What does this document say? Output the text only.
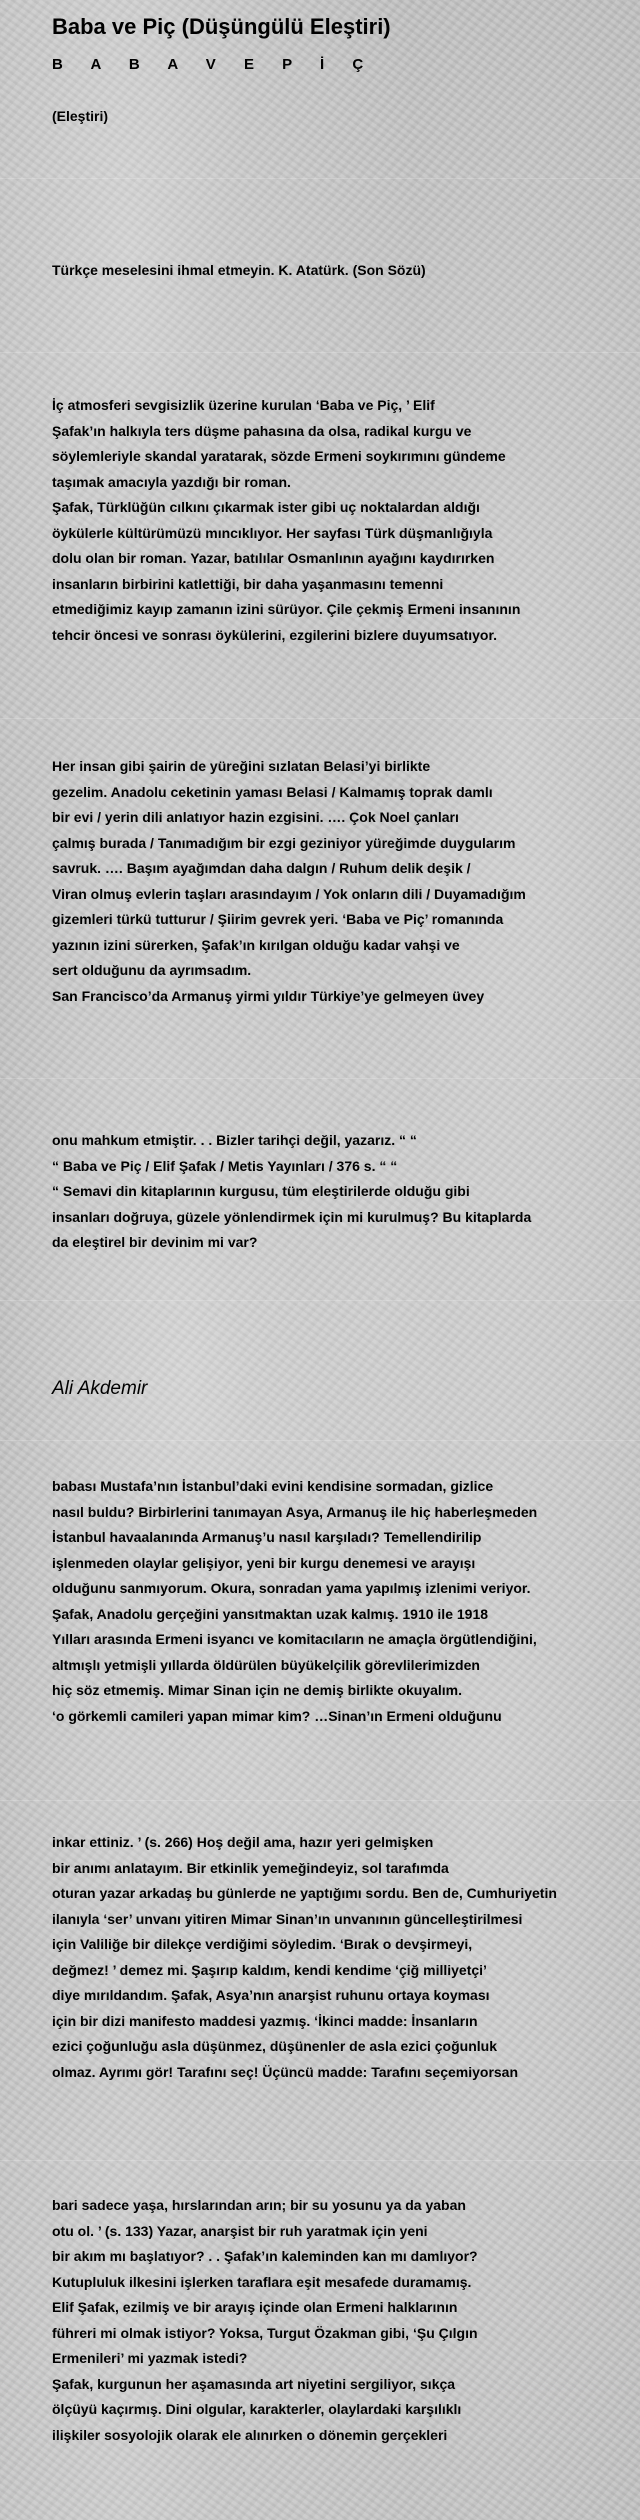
Baba ve Piç (Düşüngülü Eleştiri)
B A B A V E P İ Ç
(Eleştiri)
Türkçe meselesini ihmal etmeyin. K. Atatürk. (Son Sözü)
İç atmosferi sevgisizlik üzerine kurulan ‘Baba ve Piç, ’ Elif
Şafak’ın halkıyla ters düşme pahasına da olsa, radikal kurgu ve
söylemleriyle skandal yaratarak, sözde Ermeni soykırımını gündeme
taşımak amacıyla yazdığı bir roman.
Şafak, Türklüğün cılkını çıkarmak ister gibi uç noktalardan aldığı
öykülerle kültürümüzü mıncıklıyor. Her sayfası Türk düşmanlığıyla
dolu olan bir roman. Yazar, batılılar Osmanlının ayağını kaydırırken
insanların birbirini katlettiği, bir daha yaşanmasını temenni
etmediğimiz kayıp zamanın izini sürüyor. Çile çekmiş Ermeni insanının
tehcir öncesi ve sonrası öykülerini, ezgilerini bizlere duyumsatıyor.
Her insan gibi şairin de yüreğini sızlatan Belasi’yi birlikte
gezelim. Anadolu ceketinin yaması Belasi / Kalmamış toprak damlı
bir evi / yerin dili anlatıyor hazin ezgisini. …. Çok Noel çanları
çalmış burada / Tanımadığım bir ezgi geziniyor yüreğimde duygularım
savruk. …. Başım ayağımdan daha dalgın / Ruhum delik deşik /
Viran olmuş evlerin taşları arasındayım / Yok onların dili / Duyamadığım
gizemleri türkü tutturur / Şiirim gevrek yeri. ‘Baba ve Piç’ romanında
yazının izini sürerken, Şafak’ın kırılgan olduğu kadar vahşi ve
sert olduğunu da ayrımsadım.
San Francisco’da Armanuş yirmi yıldır Türkiye’ye gelmeyen üvey
onu mahkum etmiştir. . . Bizler tarihçi değil, yazarız. “ “
“ Baba ve Piç / Elif Şafak / Metis Yayınları / 376 s. “ “
“ Semavi din kitaplarının kurgusu, tüm eleştirilerde olduğu gibi
insanları doğruya, güzele yönlendirmek için mi kurulmuş? Bu kitaplarda
da eleştirel bir devinim mi var?
Ali Akdemir
babası Mustafa’nın İstanbul’daki evini kendisine sormadan, gizlice
nasıl buldu? Birbirlerini tanımayan Asya, Armanuş ile hiç haberleşmeden
İstanbul havaalanında Armanuş’u nasıl karşıladı? Temellendirilip
işlenmeden olaylar gelişiyor, yeni bir kurgu denemesi ve arayışı
olduğunu sanmıyorum. Okura, sonradan yama yapılmış izlenimi veriyor.
Şafak, Anadolu gerçeğini yansıtmaktan uzak kalmış. 1910 ile 1918
Yılları arasında Ermeni isyancı ve komitacıların ne amaçla örgütlendiğini,
altmışlı yetmişli yıllarda öldürülen büyükelçilik görevlilerimizden
hiç söz etmemiş. Mimar Sinan için ne demiş birlikte okuyalım.
‘o görkemli camileri yapan mimar kim? …Sinan’ın Ermeni olduğunu
inkar ettiniz. ’ (s. 266) Hoş değil ama, hazır yeri gelmişken
bir anımı anlatayım. Bir etkinlik yemeğindeyiz, sol tarafımda
oturan yazar arkadaş bu günlerde ne yaptığımı sordu. Ben de, Cumhuriyetin
ilanıyla ‘ser’ unvanı yitiren Mimar Sinan’ın unvanının güncelleştirilmesi
için Valiliğe bir dilekçe verdiğimi söyledim. ‘Bırak o devşirmeyi,
değmez! ’ demez mi. Şaşırıp kaldım, kendi kendime ‘çiğ milliyetçi’
diye mırıldandım. Şafak, Asya’nın anarşist ruhunu ortaya koyması
için bir dizi manifesto maddesi yazmış. ‘İkinci madde: İnsanların
ezici çoğunluğu asla düşünmez, düşünenler de asla ezici çoğunluk
olmaz. Ayrımı gör! Tarafını seç! Üçüncü madde: Tarafını seçemiyorsan
bari sadece yaşa, hırslarından arın; bir su yosunu ya da yaban
otu ol. ’ (s. 133) Yazar, anarşist bir ruh yaratmak için yeni
bir akım mı başlatıyor? . . Şafak’ın kaleminden kan mı damlıyor?
Kutupluluk ilkesini işlerken taraflara eşit mesafede duramamış.
Elif Şafak, ezilmiş ve bir arayış içinde olan Ermeni halklarının
führeri mi olmak istiyor? Yoksa, Turgut Özakman gibi, ‘Şu Çılgın
Ermenileri’ mi yazmak istedi?
Şafak, kurgunun her aşamasında art niyetini sergiliyor, sıkça
ölçüyü kaçırmış. Dini olgular, karakterler, olaylardaki karşılıklı
ilişkiler sosyolojik olarak ele alınırken o dönemin gerçekleri
